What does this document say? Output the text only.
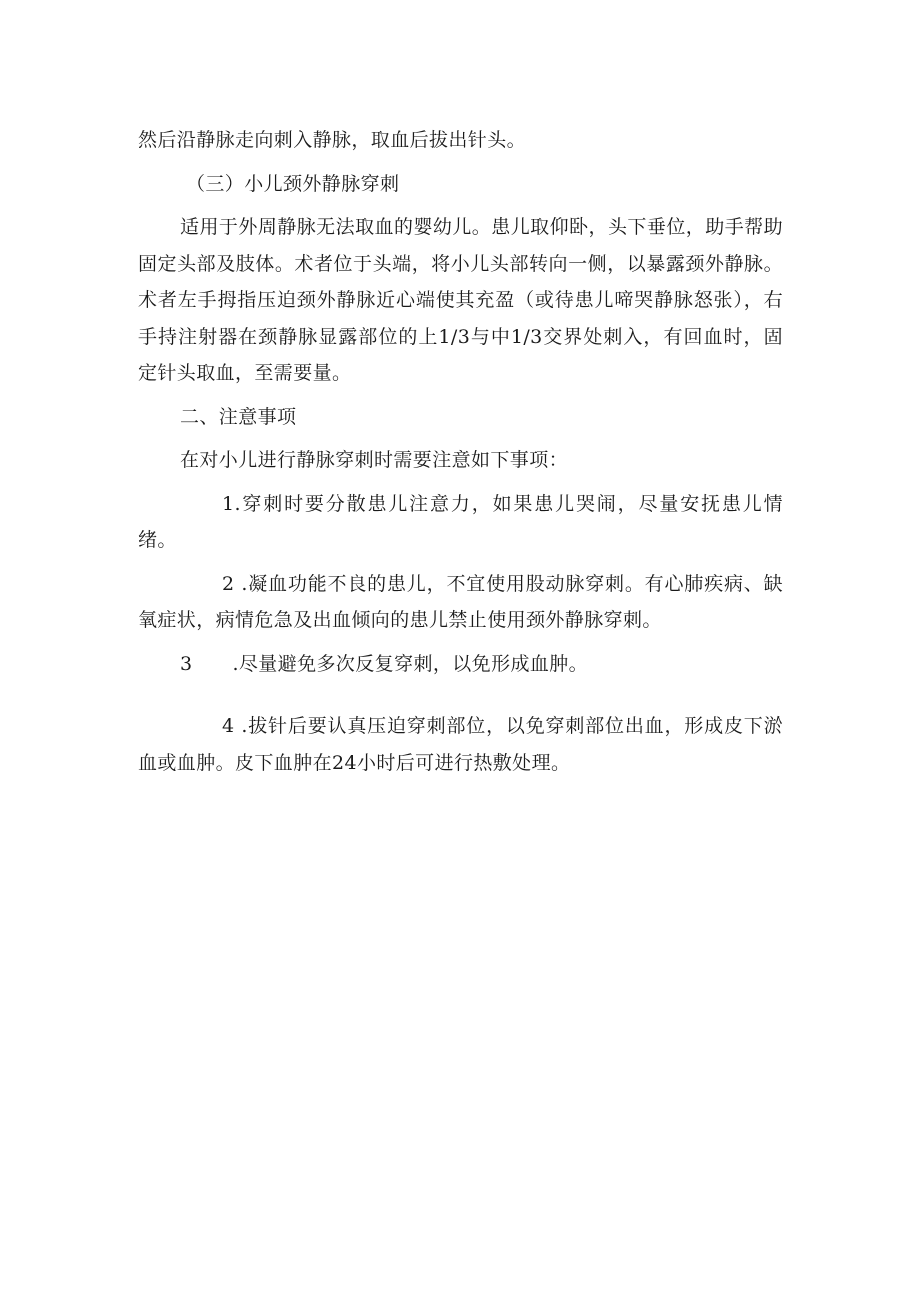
然后沿静脉走向刺入静脉，取血后拔出针头。

（三）小儿颈外静脉穿刺

适用于外周静脉无法取血的婴幼儿。患儿取仰卧，头下垂位，助手帮助固定头部及肢体。术者位于头端，将小儿头部转向一侧，以暴露颈外静脉。术者左手拇指压迫颈外静脉近心端使其充盈（或待患儿啼哭静脉怒张），右手持注射器在颈静脉显露部位的上1/3与中1/3交界处刺入，有回血时，固定针头取血，至需要量。

二、注意事项

在对小儿进行静脉穿刺时需要注意如下事项：

1.穿刺时要分散患儿注意力，如果患儿哭闹，尽量安抚患儿情绪。

2 .凝血功能不良的患儿，不宜使用股动脉穿刺。有心肺疾病、缺氧症状，病情危急及出血倾向的患儿禁止使用颈外静脉穿刺。

3 .尽量避免多次反复穿刺，以免形成血肿。

4 .拔针后要认真压迫穿刺部位，以免穿刺部位出血，形成皮下淤血或血肿。皮下血肿在24小时后可进行热敷处理。
